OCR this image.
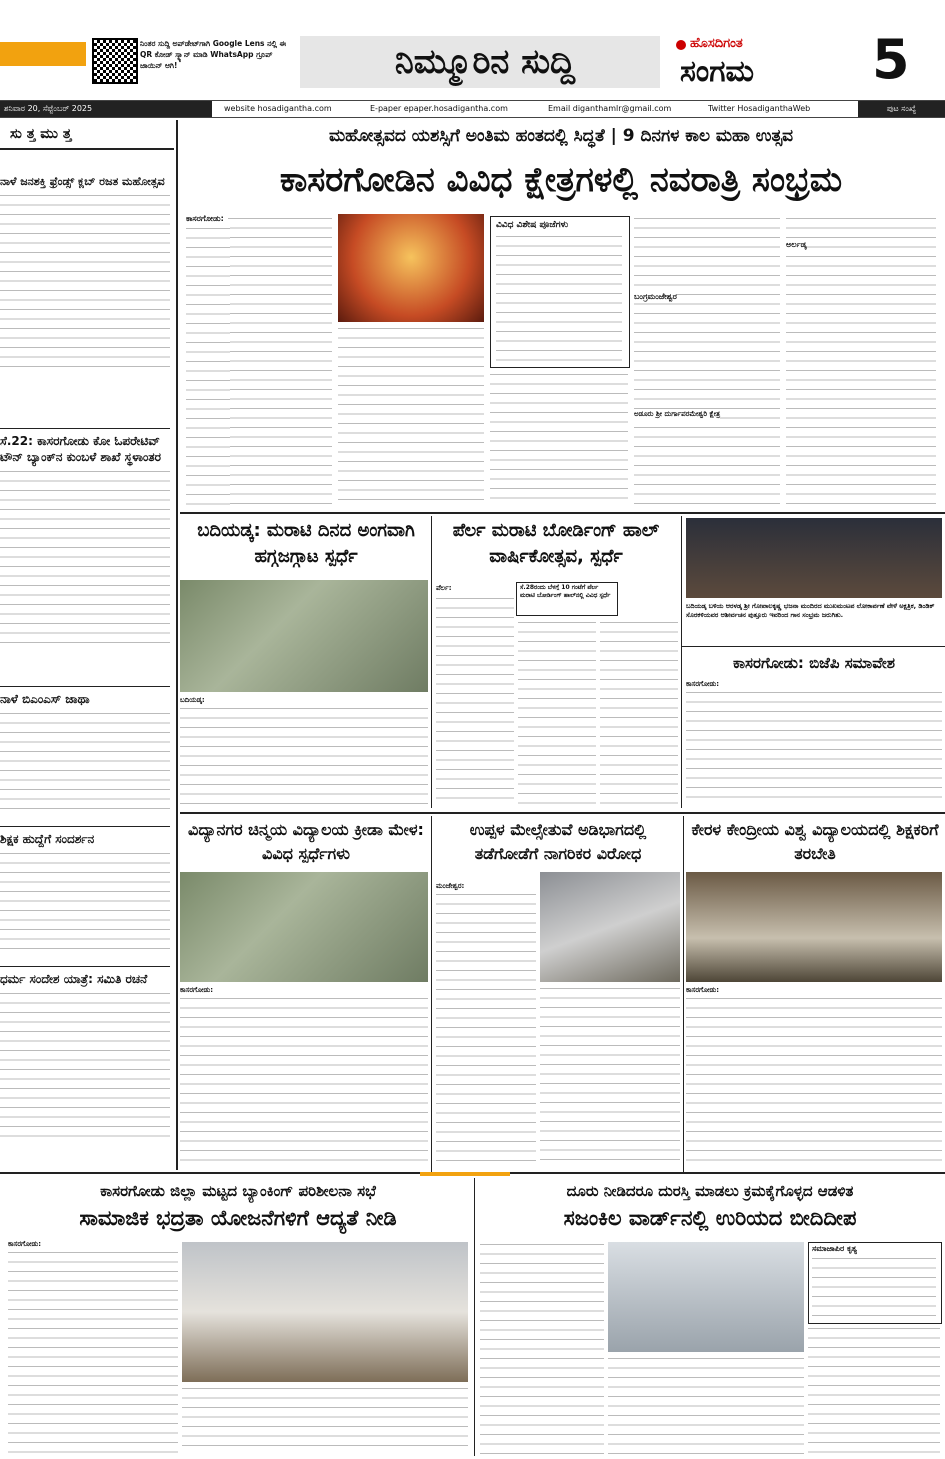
ನಿಂತರ ಸುದ್ದಿ ಅಪ್‌ಡೇಟ್‌ಗಾಗಿ Google Lens ನಲ್ಲಿ ಈ QR ಕೋಡ್ ಸ್ಕ್ಯಾನ್ ಮಾಡಿ WhatsApp ಗ್ರೂಪ್ ಜಾಯಿನ್ ಆಗಿ!	ನಿಮ್ಮೂರಿನ ಸುದ್ದಿ	ಹೊಸದಿಗಂತ
ಸಂಗಮ 5
ಶನಿವಾರ 20, ಸೆಪ್ಟೆಂಬರ್ 2025	website hosadigantha.com	E-paper epaper.hosadigantha.com	Email diganthamlr@gmail.com	Twitter HosadiganthaWeb	ಪುಟ ಸಂಖ್ಯೆ
ಸು ತ್ತ ಮು ತ್ತ
ನಾಳೆ ಜನಶಕ್ತಿ ಫ್ರೆಂಡ್ಸ್ ಕ್ಲಬ್ ರಜತ ಮಹೋತ್ಸವ
ಸೆ.22: ಕಾಸರಗೋಡು ಕೋ ಓಪರೇಟಿವ್ ಟೌನ್ ಬ್ಯಾಂಕ್‌ನ ಕುಂಬಳೆ ಶಾಖೆ ಸ್ಥಳಾಂತರ
ನಾಳೆ ಬಿಎಂಎಸ್ ಜಾಥಾ
ಶಿಕ್ಷಕ ಹುದ್ದೆಗೆ ಸಂದರ್ಶನ
ಧರ್ಮ ಸಂದೇಶ ಯಾತ್ರೆ: ಸಮಿತಿ ರಚನೆ
ಮಹೋತ್ಸವದ ಯಶಸ್ಸಿಗೆ ಅಂತಿಮ ಹಂತದಲ್ಲಿ ಸಿದ್ಧತೆ | 9 ದಿನಗಳ ಕಾಲ ಮಹಾ ಉತ್ಸವ
ಕಾಸರಗೋಡಿನ ವಿವಿಧ ಕ್ಷೇತ್ರಗಳಲ್ಲಿ ನವರಾತ್ರಿ ಸಂಭ್ರಮ
ಕಾಸರಗೋಡು:
ವಿವಿಧ ವಿಶೇಷ ಪೂಜೆಗಳು
ಬಂಗ್ರಮಂಜೇಶ್ವರ
ಅಡೂರು ಶ್ರೀ ದುರ್ಗಾಪರಮೇಶ್ವರಿ ಕ್ಷೇತ್ರ
ಅರ್ಲಡ್ಕ
ಬದಿಯಡ್ಕ: ಮರಾಟಿ ದಿನದ ಅಂಗವಾಗಿ ಹಗ್ಗಜಗ್ಗಾಟ ಸ್ಪರ್ಧೆ
ಬದಿಯಡ್ಕ:
ಪೆರ್ಲ ಮರಾಟಿ ಬೋರ್ಡಿಂಗ್ ಹಾಲ್ ವಾರ್ಷಿಕೋತ್ಸವ, ಸ್ಪರ್ಧೆ
ಪೆರ್ಲ:	ಸೆ.28ರಂದು ಬೆಳಗ್ಗೆ 10 ಗಂಟೆಗೆ ಪೆರ್ಲ ಮರಾಟಿ ಬೋರ್ಡಿಂಗ್ ಹಾಲ್‌ನಲ್ಲಿ ವಿವಿಧ ಸ್ಪರ್ಧೆ
ಬದಿಯಡ್ಕ ಬಳಿಯ ಆರಳಡ್ಕ ಶ್ರೀ ಗೋಪಾಲಕೃಷ್ಣ ಭಜನಾ ಮಂದಿರದ ಮುಖಮಂಟಪ ಲೋಕಾರ್ಪಣೆ ವೇಳೆ ಅಕ್ಷತ್ರಿಕ, ಡಿಂಡಿಕ್ ಸೊರಕಳಿಯವರ ಆಶೀರ್ವಚನ ಪುತ್ತೂರು ಇವರಿಂದ ಗಾನ ಸಂಭ್ರಮ ಜರುಗಿತು.
ಕಾಸರಗೋಡು: ಬಿಜೆಪಿ ಸಮಾವೇಶ
ಕಾಸರಗೋಡು:
ವಿದ್ಯಾನಗರ ಚಿನ್ಮಯ ವಿದ್ಯಾಲಯ ಕ್ರೀಡಾ ಮೇಳ: ವಿವಿಧ ಸ್ಪರ್ಧೆಗಳು
ಕಾಸರಗೋಡು:
ಉಪ್ಪಳ ಮೇಲ್ಸೇತುವೆ ಅಡಿಭಾಗದಲ್ಲಿ ತಡೆಗೋಡೆಗೆ ನಾಗರಿಕರ ವಿರೋಧ
ಮಂಜೇಶ್ವರ:
ಕೇರಳ ಕೇಂದ್ರೀಯ ವಿಶ್ವ ವಿದ್ಯಾಲಯದಲ್ಲಿ ಶಿಕ್ಷಕರಿಗೆ ತರಬೇತಿ
ಕಾಸರಗೋಡು:
ಕಾಸರಗೋಡು ಜಿಲ್ಲಾ ಮಟ್ಟದ ಬ್ಯಾಂಕಿಂಗ್ ಪರಿಶೀಲನಾ ಸಭೆ
ಸಾಮಾಜಿಕ ಭದ್ರತಾ ಯೋಜನೆಗಳಿಗೆ ಆದ್ಯತೆ ನೀಡಿ
ಕಾಸರಗೋಡು:
ದೂರು ನೀಡಿದರೂ ದುರಸ್ತಿ ಮಾಡಲು ಕ್ರಮಕೈಗೊಳ್ಳದ ಆಡಳಿತ
ಸಜಂಕಿಲ ವಾರ್ಡ್‌ನಲ್ಲಿ ಉರಿಯದ ಬೀದಿದೀಪ
ಸಮಾಜಾಪಿರ ಕೃತ್ಯ
